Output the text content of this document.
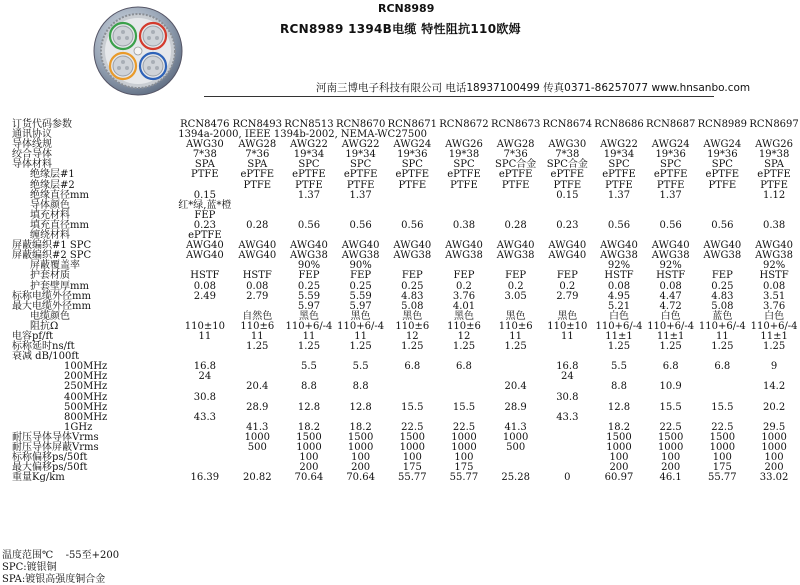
RCN8989
RCN8989 1394B电缆 特性阻抗110欧姆
河南三博电子科技有限公司 电话18937100499 传真0371-86257077 www.hnsanbo.com
订货代码参数	RCN8476	RCN8493	RCN8513	RCN8670	RCN8671	RCN8672	RCN8673	RCN8674	RCN8686	RCN8687	RCN8989	RCN8697
通讯协议	1394a-2000, IEEE 1394b-2002, NEMA-WC27500											
导体线规	AWG30	AWG28	AWG22	AWG22	AWG24	AWG26	AWG28	AWG30	AWG22	AWG24	AWG24	AWG26
绞合导体	7*38	7*36	19*34	19*34	19*36	19*38	7*36	7*38	19*34	19*36	19*36	19*38
导体材料	SPA	SPA	SPC	SPC	SPC	SPC	SPC合金	SPC合金	SPC	SPC	SPC	SPA
绝缘层#1	PTFE	ePTFE	ePTFE	ePTFE	ePTFE	ePTFE	ePTFE	ePTFE	ePTFE	ePTFE	ePTFE	ePTFE
绝缘层#2		PTFE	PTFE	PTFE	PTFE	PTFE	PTFE	PTFE	PTFE	PTFE	PTFE	PTFE
绝缘直径mm	0.15		1.37	1.37				0.15	1.37	1.37		1.12
导体颜色	红*绿,蓝*橙											
填充材料	FEP											
填充直径mm	0.23	0.28	0.56	0.56	0.56	0.38	0.28	0.23	0.56	0.56	0.56	0.38
缠绕材料	ePTFE											
屏蔽编织#1 SPC	AWG40	AWG40	AWG40	AWG40	AWG40	AWG40	AWG40	AWG40	AWG40	AWG40	AWG40	AWG40
屏蔽编织#2 SPC	AWG40	AWG40	AWG38	AWG38	AWG38	AWG38	AWG38	AWG40	AWG38	AWG38	AWG38	AWG38
屏蔽覆盖率			90%	90%					92%	92%		92%
护套材质	HSTF	HSTF	FEP	FEP	FEP	FEP	FEP	FEP	HSTF	HSTF	FEP	HSTF
护套壁厚mm	0.08	0.08	0.25	0.25	0.25	0.2	0.2	0.2	0.08	0.08	0.25	0.08
标称电缆外径mm	2.49	2.79	5.59	5.59	4.83	3.76	3.05	2.79	4.95	4.47	4.83	3.51
最大电缆外径mm			5.97	5.97	5.08	4.01			5.21	4.72	5.08	3.76
电缆颜色		自然色	黑色	黑色	黑色	黑色	黑色	黑色	白色	白色	蓝色	白色
阻抗Ω	110±10	110±6	110+6/-4	110+6/-4	110±6	110±6	110±6	110±10	110+6/-4	110+6/-4	110+6/-4	110+6/-4
电容pf/ft	11	11	11	11	12	12	11	11	11±1	11±1	11	11±1
标称延时ns/ft		1.25	1.25	1.25	1.25	1.25	1.25		1.25	1.25	1.25	1.25
衰减 dB/100ft												
100MHz	16.8		5.5	5.5	6.8	6.8		16.8	5.5	6.8	6.8	9
200MHz	24							24				
250MHz		20.4	8.8	8.8			20.4		8.8	10.9		14.2
400MHz	30.8							30.8				
500MHz		28.9	12.8	12.8	15.5	15.5	28.9		12.8	15.5	15.5	20.2
800MHz	43.3							43.3				
1GHz		41.3	18.2	18.2	22.5	22.5	41.3		18.2	22.5	22.5	29.5
耐压导体导体Vrms		1000	1500	1500	1500	1000	1000		1500	1500	1500	1000
耐压导体屏蔽Vrms		500	1000	1000	1000	1000	500		1000	1000	1000	1000
标称偏移ps/50ft			100	100	100	100			100	100	100	100
最大偏移ps/50ft			200	200	175	175			200	200	175	200
重量Kg/km	16.39	20.82	70.64	70.64	55.77	55.77	25.28	0	60.97	46.1	55.77	33.02
温度范围℃ -55至+200
SPC:镀银铜
SPA:镀银高强度铜合金
